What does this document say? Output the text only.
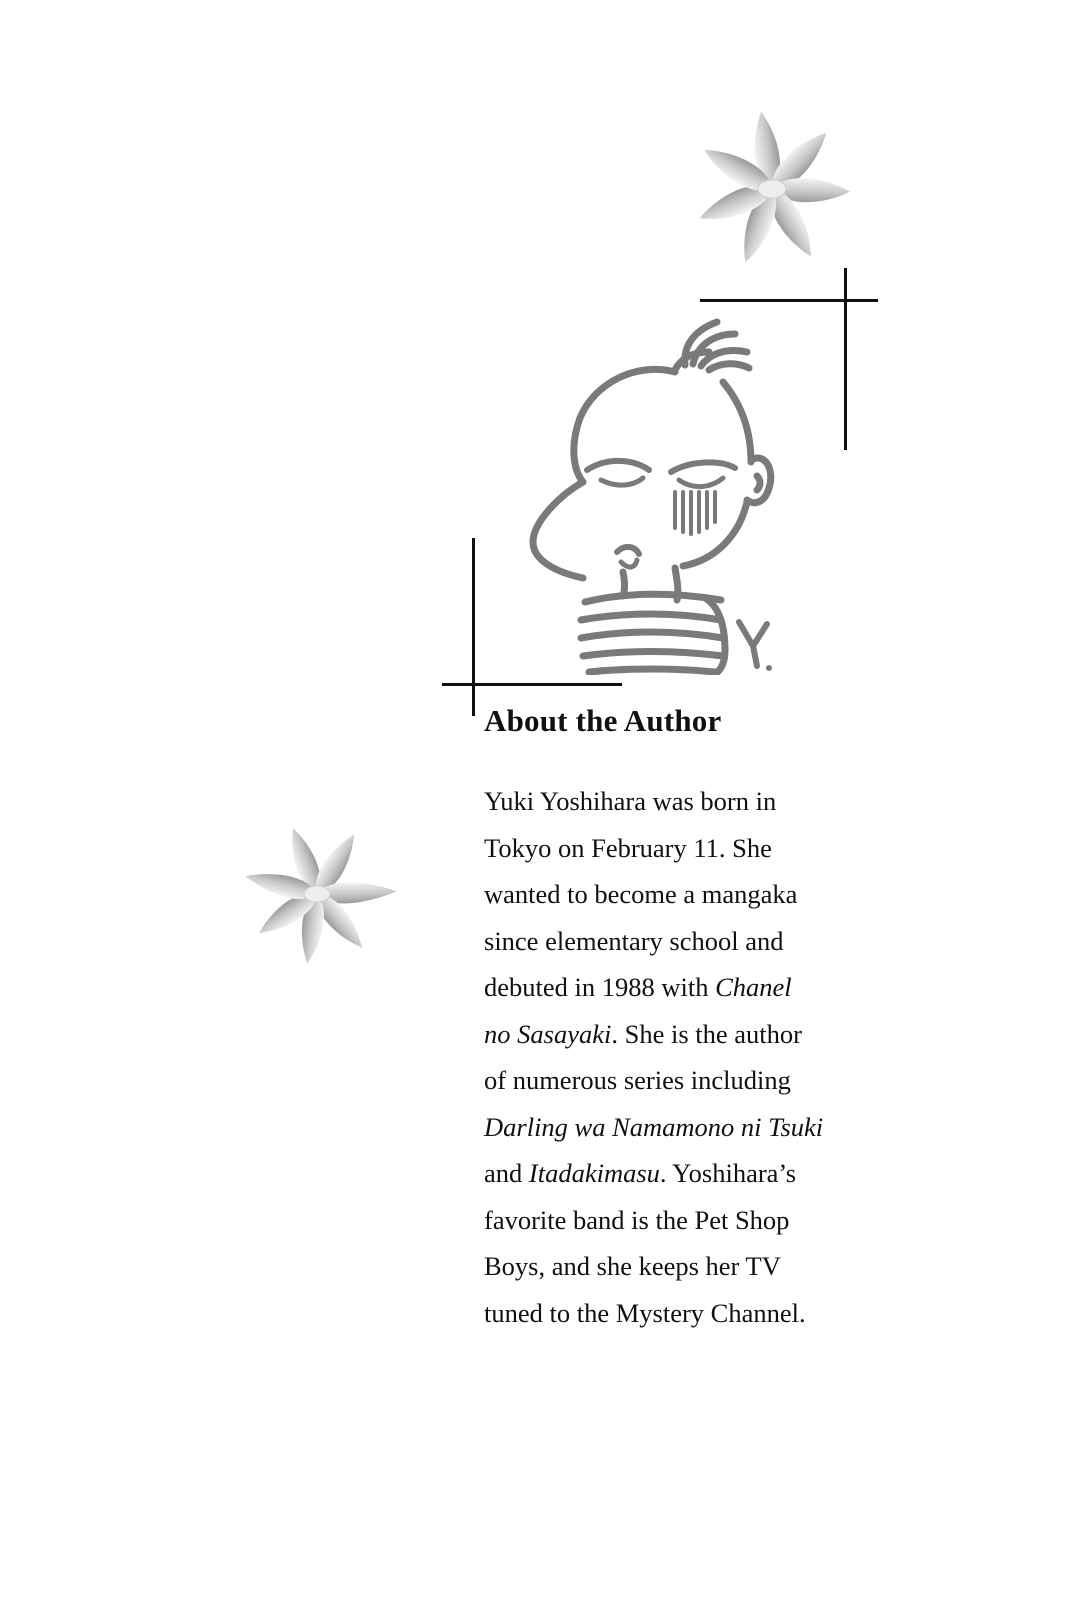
About the Author
Yuki Yoshihara was born in
Tokyo on February 11. She
wanted to become a mangaka
since elementary school and
debuted in 1988 with Chanel
no Sasayaki. She is the author
of numerous series including
Darling wa Namamono ni Tsuki
and Itadakimasu. Yoshihara’s
favorite band is the Pet Shop
Boys, and she keeps her TV
tuned to the Mystery Channel.
